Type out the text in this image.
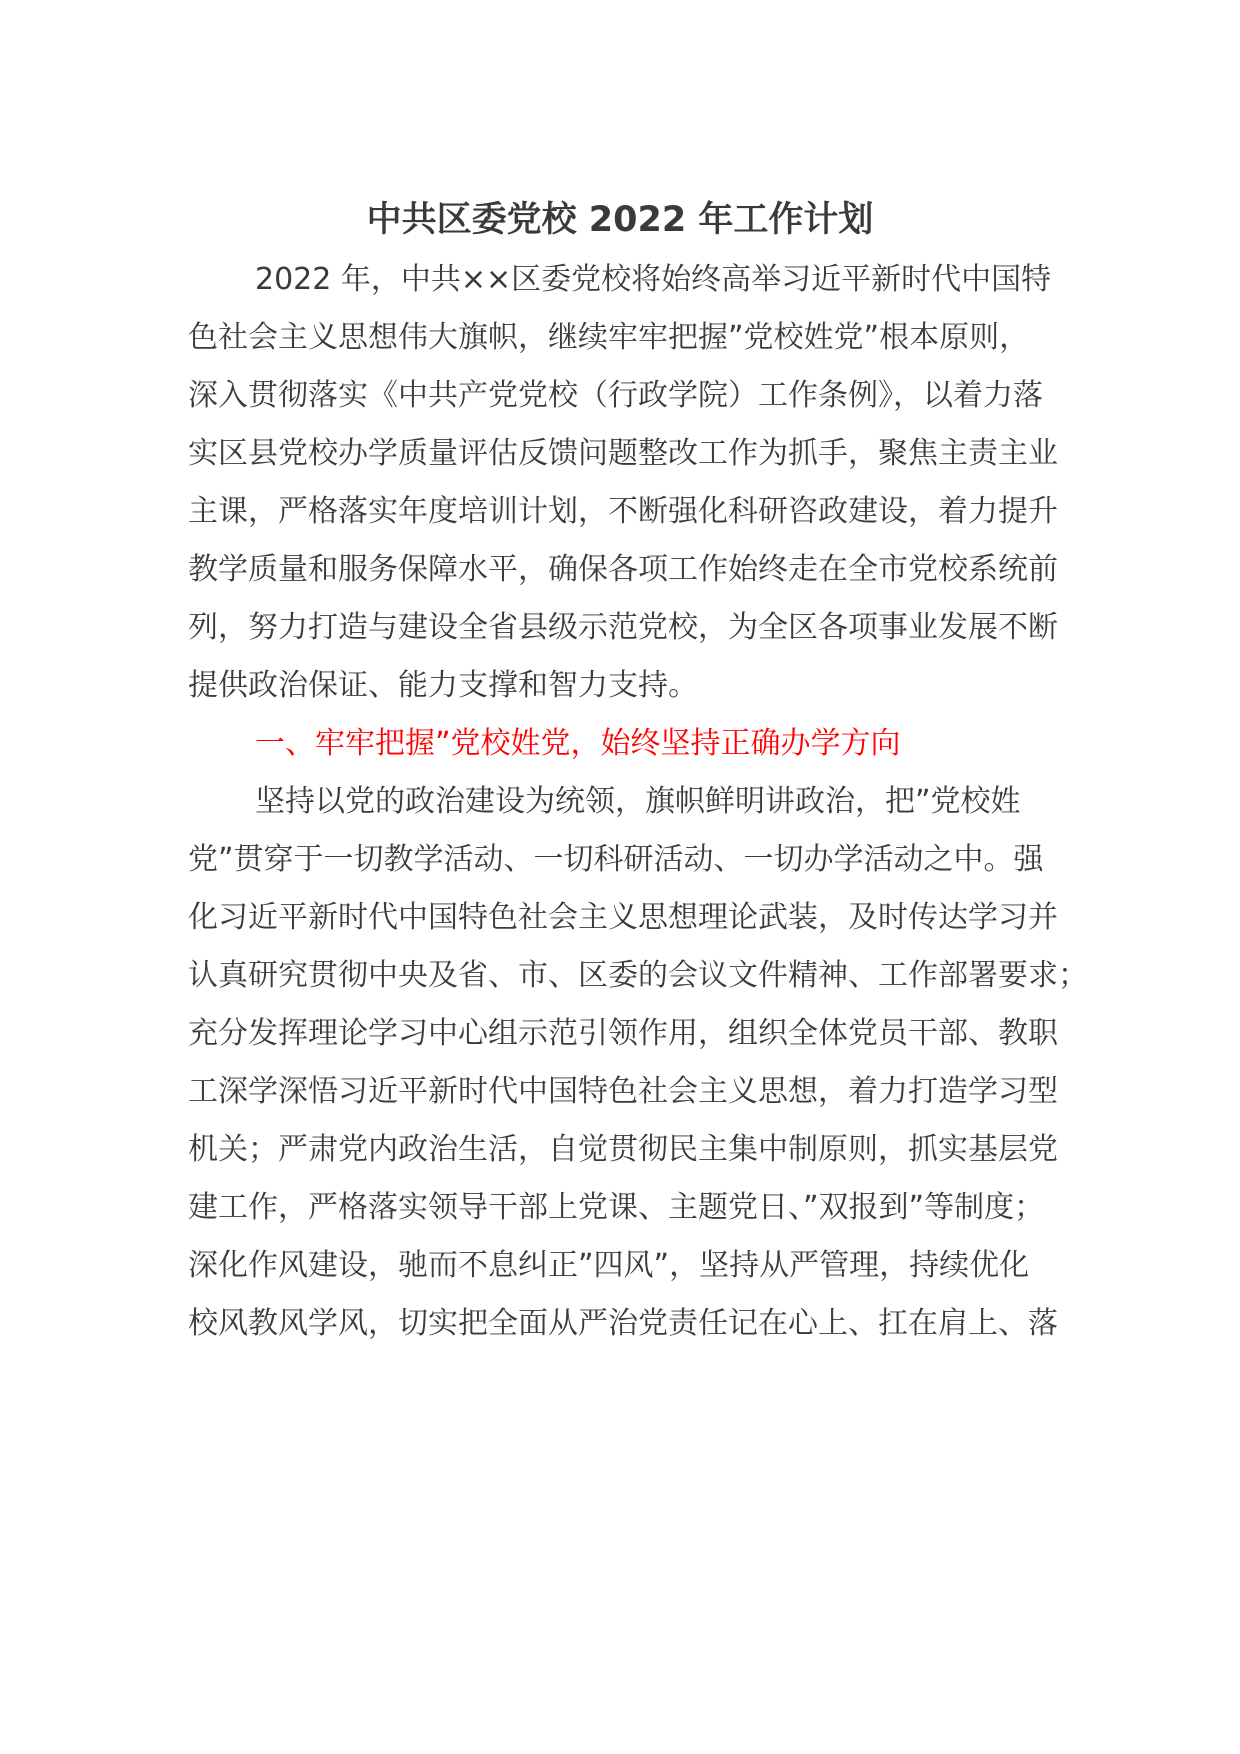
中共区委党校 2022 年工作计划
2022 年，中共××区委党校将始终高举习近平新时代中国特
色社会主义思想伟大旗帜，继续牢牢把握”党校姓党”根本原则，
深入贯彻落实《中共产党党校（行政学院）工作条例》，以着力落
实区县党校办学质量评估反馈问题整改工作为抓手，聚焦主责主业
主课，严格落实年度培训计划，不断强化科研咨政建设，着力提升
教学质量和服务保障水平，确保各项工作始终走在全市党校系统前
列，努力打造与建设全省县级示范党校，为全区各项事业发展不断
提供政治保证、能力支撑和智力支持。
一、牢牢把握”党校姓党，始终坚持正确办学方向
坚持以党的政治建设为统领，旗帜鲜明讲政治，把”党校姓
党”贯穿于一切教学活动、一切科研活动、一切办学活动之中。强
化习近平新时代中国特色社会主义思想理论武装，及时传达学习并
认真研究贯彻中央及省、市、区委的会议文件精神、工作部署要求；
充分发挥理论学习中心组示范引领作用，组织全体党员干部、教职
工深学深悟习近平新时代中国特色社会主义思想，着力打造学习型
机关；严肃党内政治生活，自觉贯彻民主集中制原则，抓实基层党
建工作，严格落实领导干部上党课、主题党日、”双报到”等制度；
深化作风建设，驰而不息纠正”四风”，坚持从严管理，持续优化
校风教风学风，切实把全面从严治党责任记在心上、扛在肩上、落
